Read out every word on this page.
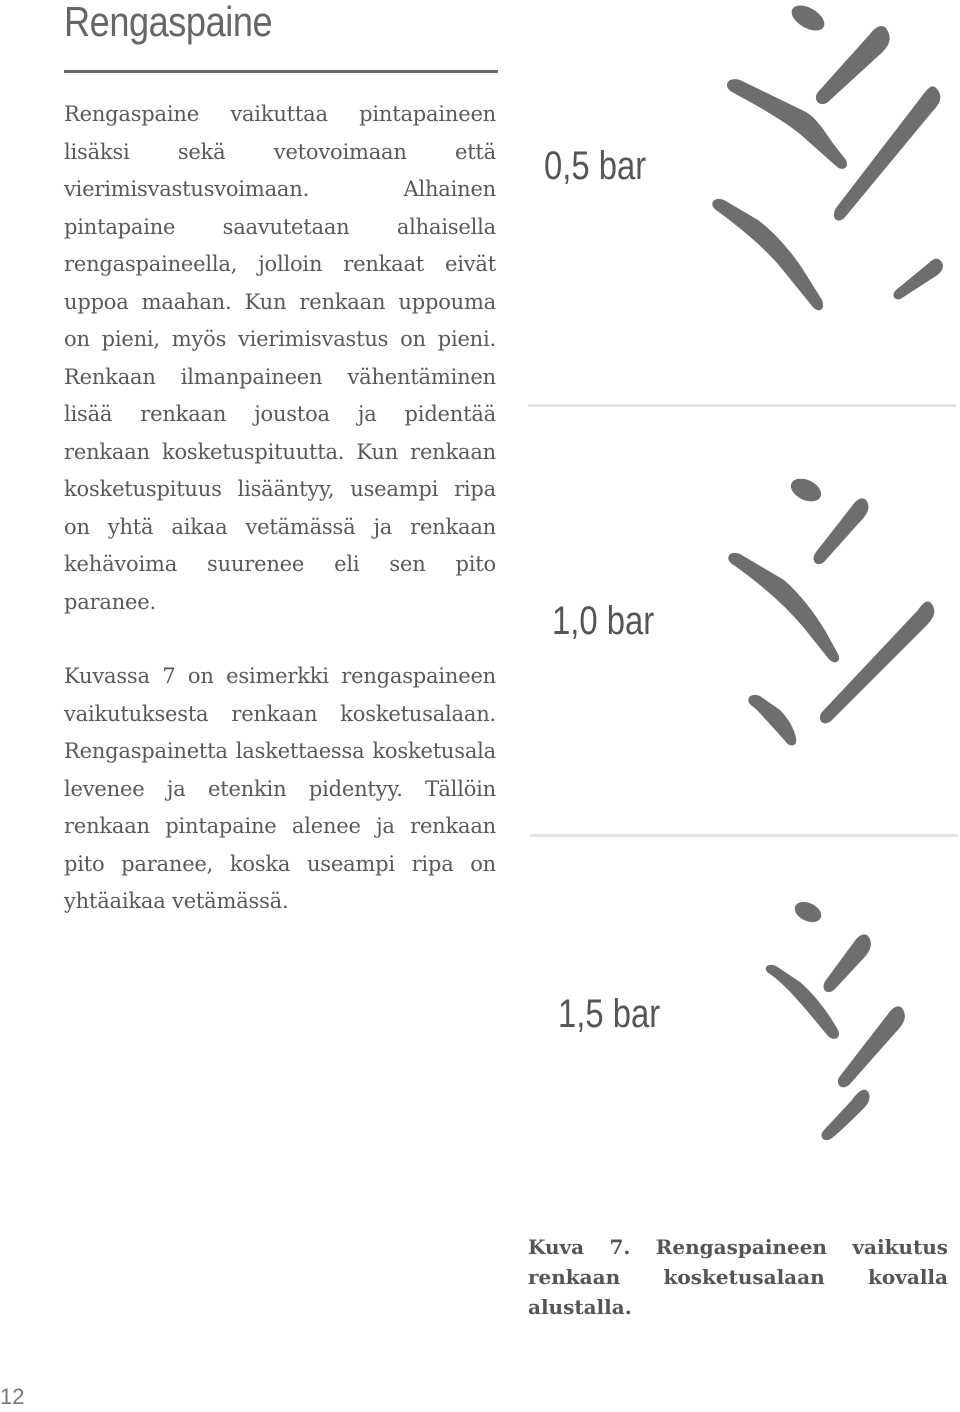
Rengaspaine

Rengaspaine vaikuttaa pintapaineen lisäksi sekä vetovoimaan että vierimisvastusvoimaan. Alhainen pintapaine saavutetaan alhaisella rengaspaineella, jolloin renkaat eivät uppoa maahan. Kun renkaan uppouma on pieni, myös vierimisvastus on pieni. Renkaan ilmanpaineen vähentäminen lisää renkaan joustoa ja pidentää renkaan kosketuspituutta. Kun renkaan kosketuspituus lisääntyy, useampi ripa on yhtä aikaa vetämässä ja renkaan kehävoima suurenee eli sen pito paranee.

Kuvassa 7 on esimerkki rengaspaineen vaikutuksesta renkaan kosketusalaan. Rengaspainetta laskettaessa kosketusala levenee ja etenkin pidentyy. Tällöin renkaan pintapaine alenee ja renkaan pito paranee, koska useampi ripa on yhtäaikaa vetämässä.

0,5 bar
1,0 bar
1,5 bar

Kuva 7. Rengaspaineen vaikutus renkaan kosketusalaan kovalla alustalla.

12
